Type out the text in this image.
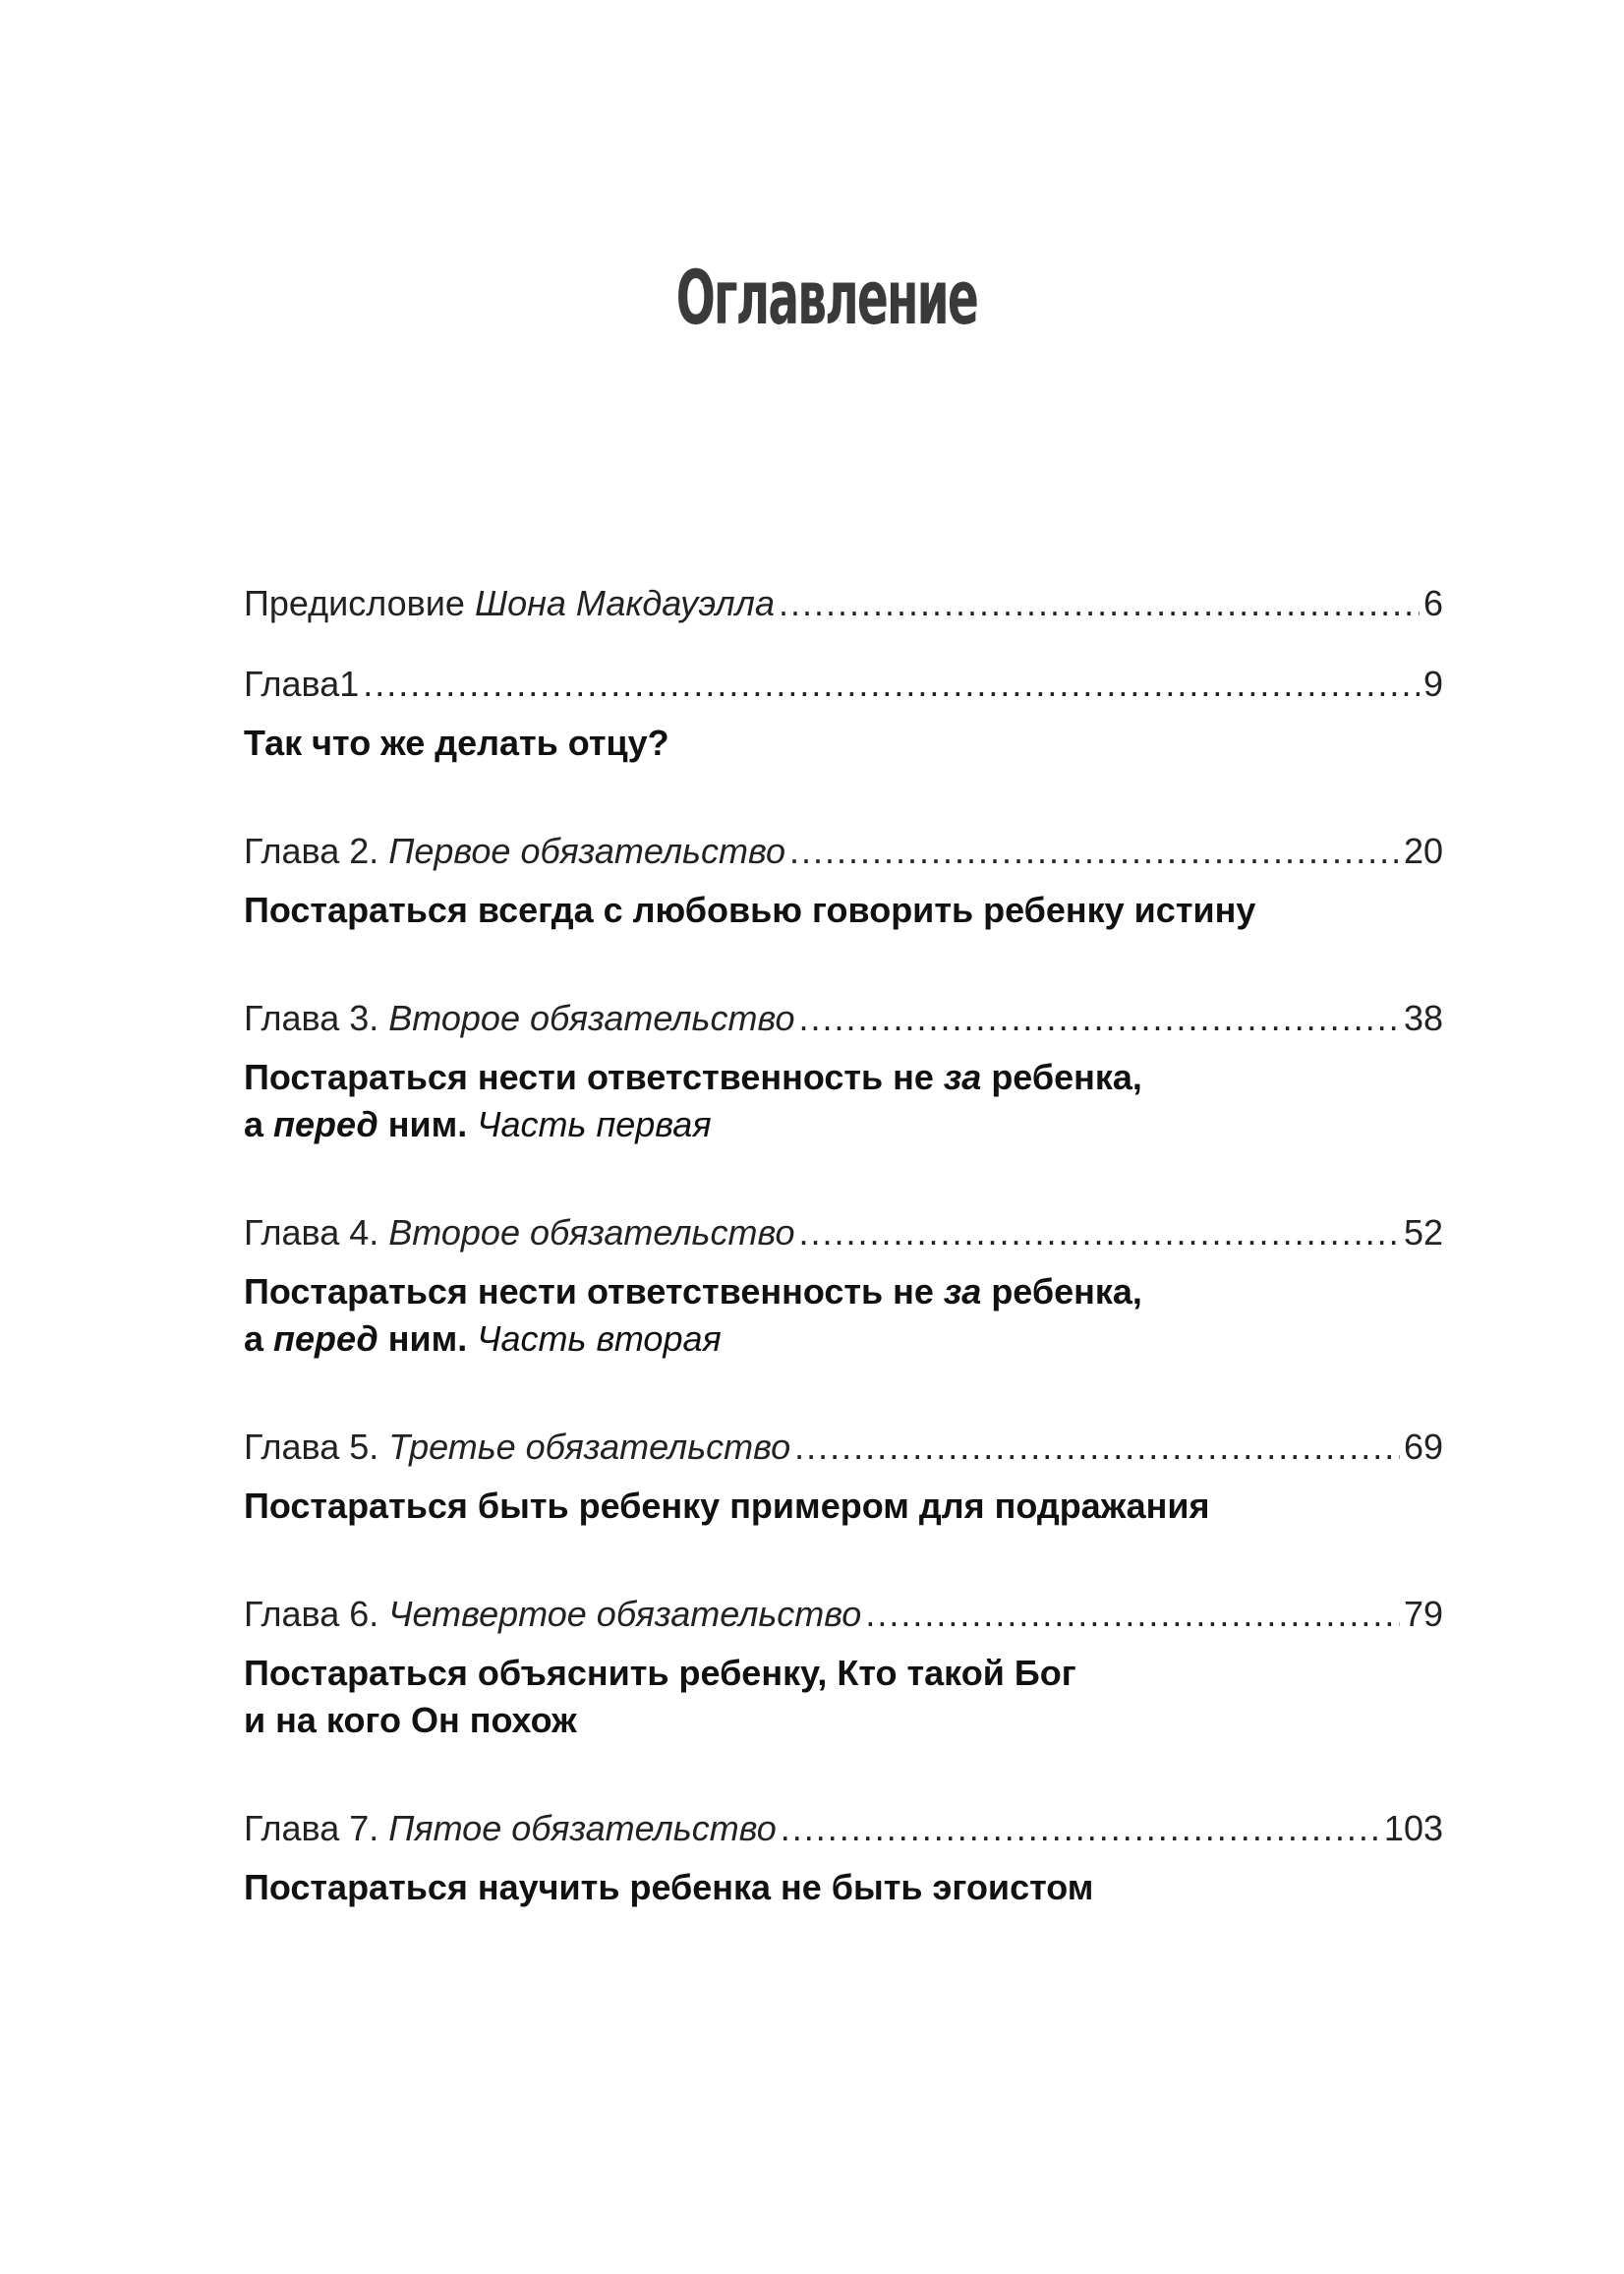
Оглавление
Предисловие Шона Макдауэлла .....	6
Глава1 .....	9
Так что же делать отцу?
Глава 2. Первое обязательство .....	20
Постараться всегда с любовью говорить ребенку истину
Глава 3. Второе обязательство .....	38
Постараться нести ответственность не за ребенка,
а перед ним. Часть первая
Глава 4. Второе обязательство .....	52
Постараться нести ответственность не за ребенка,
а перед ним. Часть вторая
Глава 5. Третье обязательство .....	69
Постараться быть ребенку примером для подражания
Глава 6. Четвертое обязательство .....	79
Постараться объяснить ребенку, Кто такой Бог
и на кого Он похож
Глава 7. Пятое обязательство .....	103
Постараться научить ребенка не быть эгоистом
